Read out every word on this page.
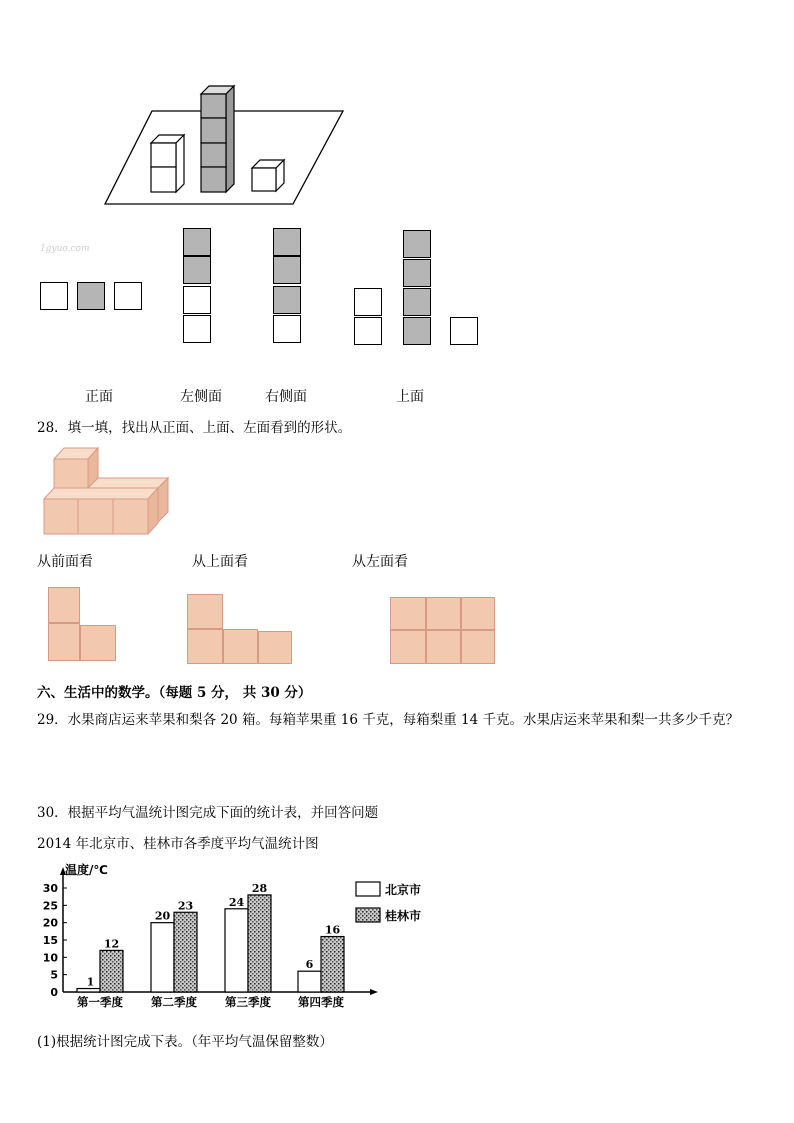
1gyuo.com
正面	左侧面	右侧面	上面
28．填一填，找出从正面、上面、左面看到的形状。
从前面看	从上面看	从左面看
六、生活中的数学。（每题 5 分， 共 30 分）
29．水果商店运来苹果和梨各 20 箱。每箱苹果重 16 千克，每箱梨重 14 千克。水果店运来苹果和梨一共多少千克？
30．根据平均气温统计图完成下面的统计表，并回答问题
2014 年北京市、桂林市各季度平均气温统计图
温度/℃
0
5
10
15
20
25
30
1
12
第一季度
20
23
第二季度
24
28
第三季度
6
16
第四季度
北京市
桂林市
(1)根据统计图完成下表。（年平均气温保留整数）
